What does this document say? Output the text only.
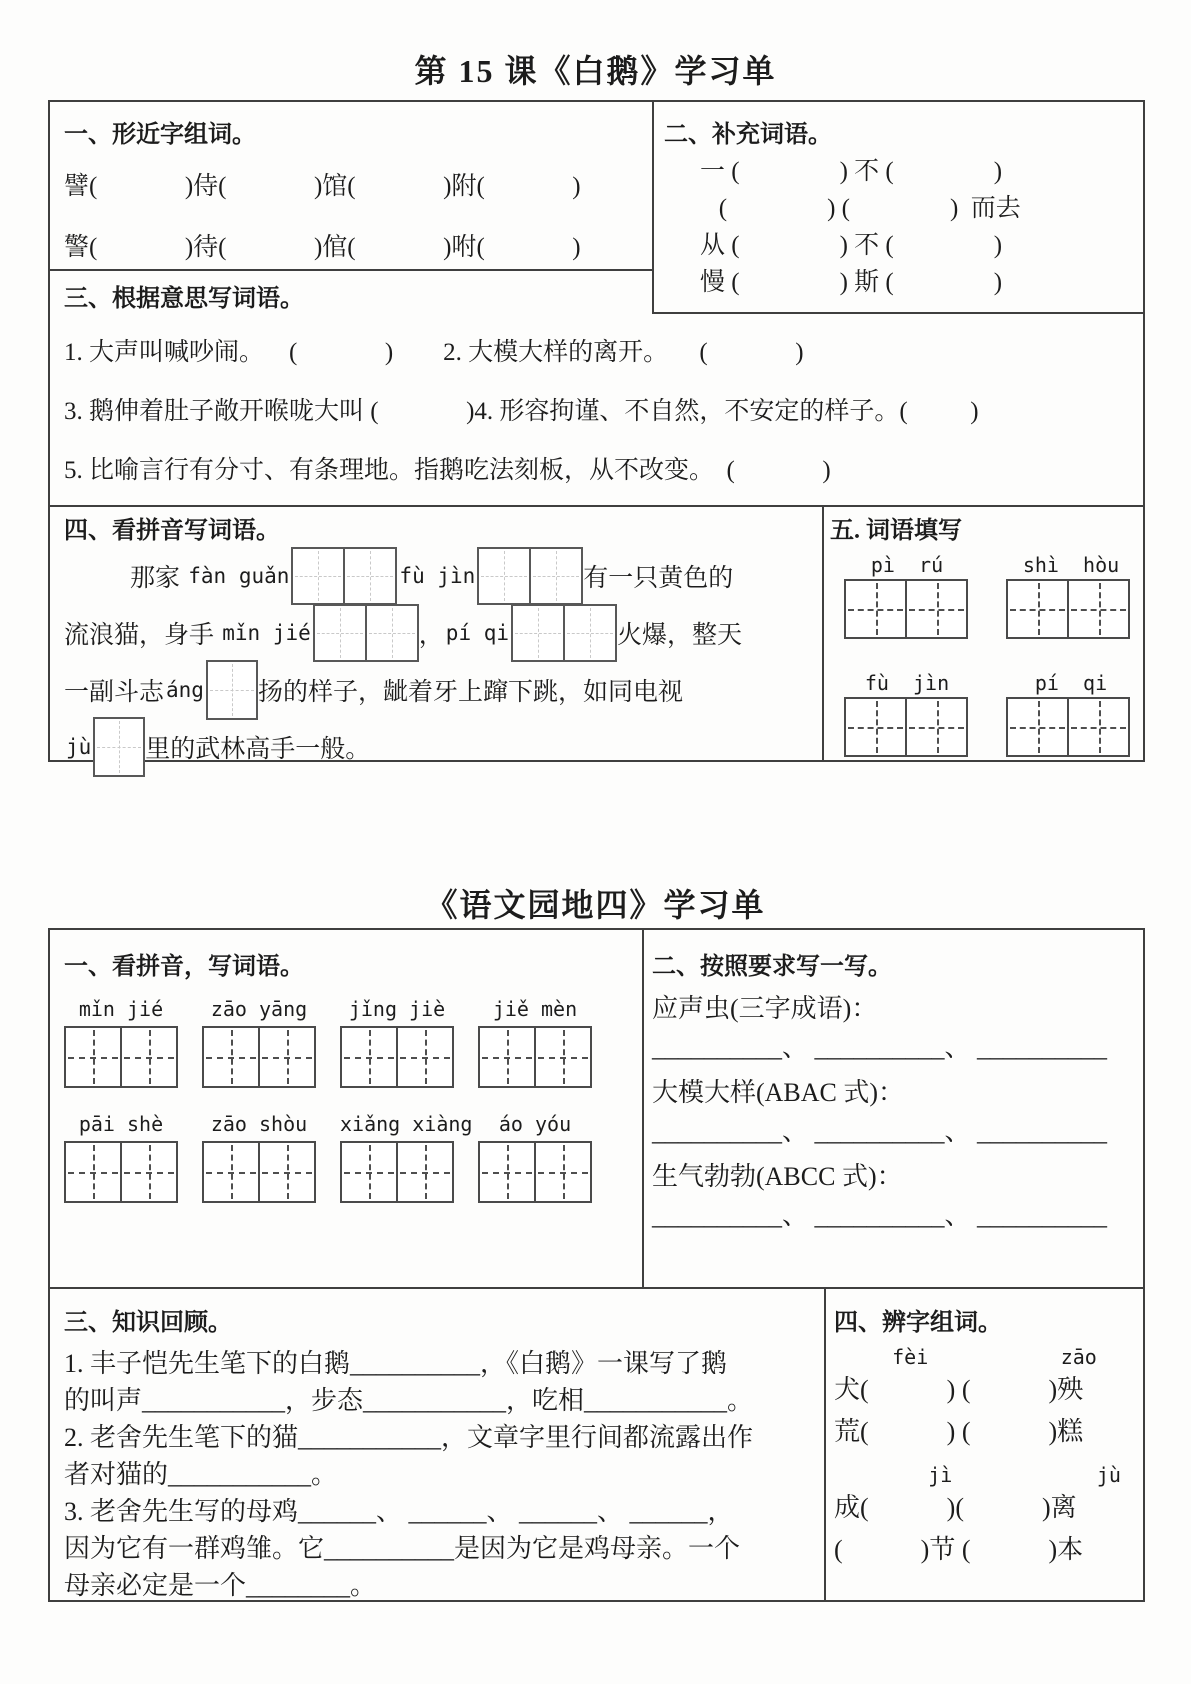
第 15 课《白鹅》学习单
一、形近字组词。
譬(              )侍(              )馆(              )附(              )
警(              )待(              )倌(              )咐(              )
二、补充词语。
一 (                ) 不 (                )
(                ) (                )  而去
从 (                ) 不 (                )
慢 (                ) 斯 (                )
三、根据意思写词语。
1. 大声叫喊吵闹。    (              )        2. 大模大样的离开。     (              )
3. 鹅伸着肚子敞开喉咙大叫 (              )4. 形容拘谨、不自然，不安定的样子。(          )
5. 比喻言行有分寸、有条理地。指鹅吃法刻板，从不改变。  (              )
四、看拼音写词语。
那家 fàn guǎn	fù jìn	有一只黄色的
流浪猫，身手 mǐn jié	， pí qi	火爆，整天
一副斗志 áng 扬的样子，龇着牙上蹿下跳，如同电视
jù 里的武林高手一般。
五. 词语填写
pì  rú	shì  hòu
fù  jìn	pí  qi
《语文园地四》学习单
一、看拼音，写词语。
mǐn jié	zāo yāng	jǐng jiè	jiě mèn
pāi shè	zāo shòu	xiǎng xiàng	áo yóu
二、按照要求写一写。
应声虫(三字成语)：
__________、 __________、 __________
大模大样(ABAC 式)：
__________、 __________、 __________
生气勃勃(ABCC 式)：
__________、 __________、 __________
三、知识回顾。
1. 丰子恺先生笔下的白鹅__________，《白鹅》一课写了鹅
的叫声___________，步态___________，吃相___________。
2. 老舍先生笔下的猫___________，文章字里行间都流露出作
者对猫的___________。
3. 老舍先生写的母鸡______、 ______、 ______、 ______，
因为它有一群鸡雏。它__________是因为它是鸡母亲。一个
母亲必定是一个________。
四、辨字组词。
fèi           zāo
犬(            ) (            )殃
荒(            ) (            )糕
jì            jù
成(            )(            )离
(            )节 (            )本
